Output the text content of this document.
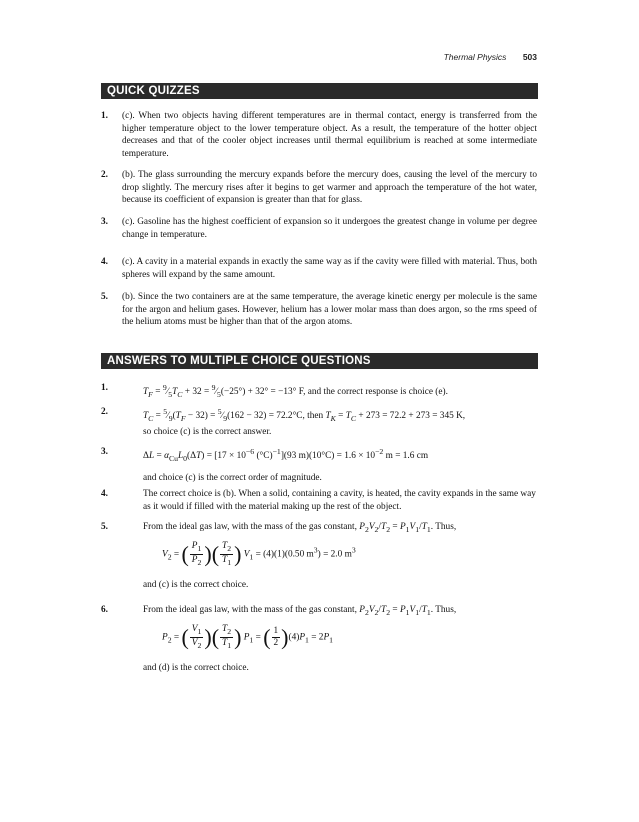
Thermal Physics 503
QUICK QUIZZES
1. (c). When two objects having different temperatures are in thermal contact, energy is transferred from the higher temperature object to the lower temperature object. As a result, the temperature of the hotter object decreases and that of the cooler object increases until thermal equilibrium is reached at some intermediate temperature.
2. (b). The glass surrounding the mercury expands before the mercury does, causing the level of the mercury to drop slightly. The mercury rises after it begins to get warmer and approach the temperature of the hot water, because its coefficient of expansion is greater than that for glass.
3. (c). Gasoline has the highest coefficient of expansion so it undergoes the greatest change in volume per degree change in temperature.
4. (c). A cavity in a material expands in exactly the same way as if the cavity were filled with material. Thus, both spheres will expand by the same amount.
5. (b). Since the two containers are at the same temperature, the average kinetic energy per molecule is the same for the argon and helium gases. However, helium has a lower molar mass than does argon, so the rms speed of the helium atoms must be higher than that of the argon atoms.
ANSWERS TO MULTIPLE CHOICE QUESTIONS
1.	$T_F$ = $^9⁄_5T_C + 32$ = $^9⁄_5(-25^\circ) + 32^\circ = -13^\circ$ F, and the correct response is choice (e).
2.	$T_C$ = $^5⁄_9(T_F - 32)$ = $^5⁄_9(162 - 32) = 72.2^\circ C$, then $T_K = T_C + 273 = 72.2 + 273 = 345$ K,
so choice (c) is the correct answer.
3.	$\Delta L = \alpha_{Cu}L_0(\Delta T) = [17 \times 10^{-6}$ $(^\circ C)^{-1}](93$ $m)(10^\circ C) = 1.6 \times 10^{-2}$ m = 1.6 cm
and choice (c) is the correct order of magnitude.
4.	The correct choice is (b). When a solid, containing a cavity, is heated, the cavity expands in the same way as it would if filled with the material making up the rest of the object.
5.	From the ideal gas law, with the mass of the gas constant, $P_2V_2/T_2 = P_1V_1/T_1$. Thus,
$V_2$ = ( $\frac{P_1}{P_2}$ )( $\frac{T_2}{T_1}$ ) $V_1 = (4)(1)(0.50$ $m^3) = 2.0$ $m^3$
and (c) is the correct choice.
6.	From the ideal gas law, with the mass of the gas constant, $P_2V_2/T_2 = P_1V_1/T_1$. Thus,
$P_2$ = ( $\frac{V_1}{V_2}$ )( $\frac{T_2}{T_1}$ ) $P_1$ = ( $\frac{1}{2} )(4)P_1 = 2P_1$
and (d) is the correct choice.
